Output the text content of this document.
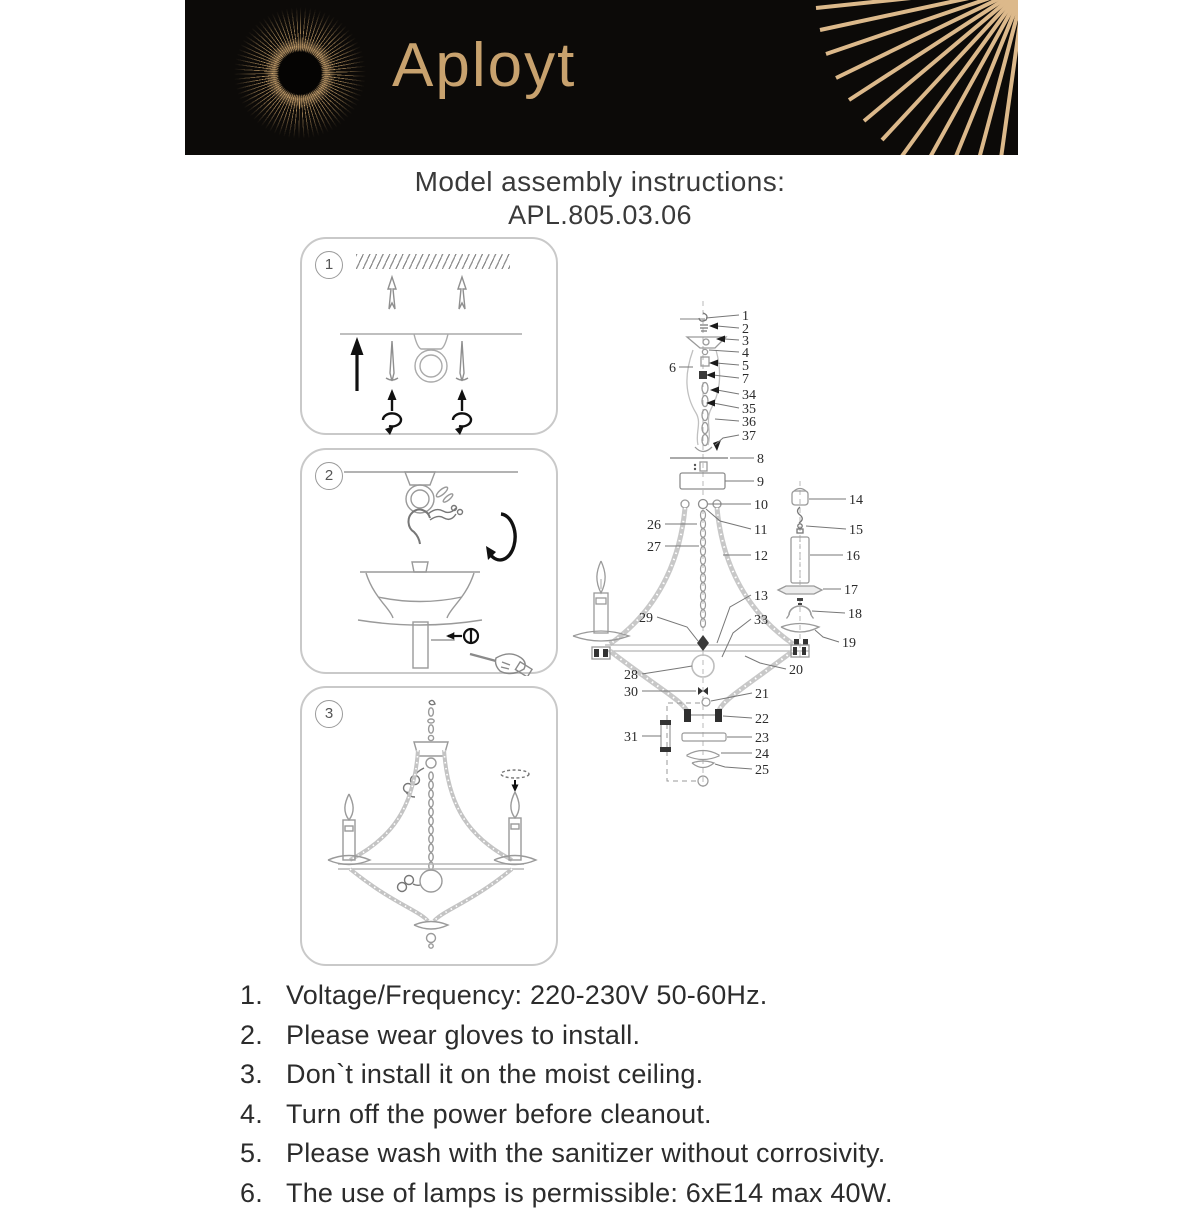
Aployt
Model assembly instructions:
APL.805.03.06
1
2
3
1
2
3
4
5
7
34
35
36
37
6
8
9
10
11
12
13
33
26
27
29
28
30
31
20
21
22
23
24
25
14
15
16
17
18
19
1. Voltage/Frequency: 220-230V 50-60Hz.
2. Please wear gloves to install.
3. Don`t install it on the moist ceiling.
4. Turn off the power before cleanout.
5. Please wash with the sanitizer without corrosivity.
6. The use of lamps is permissible: 6xE14 max 40W.
